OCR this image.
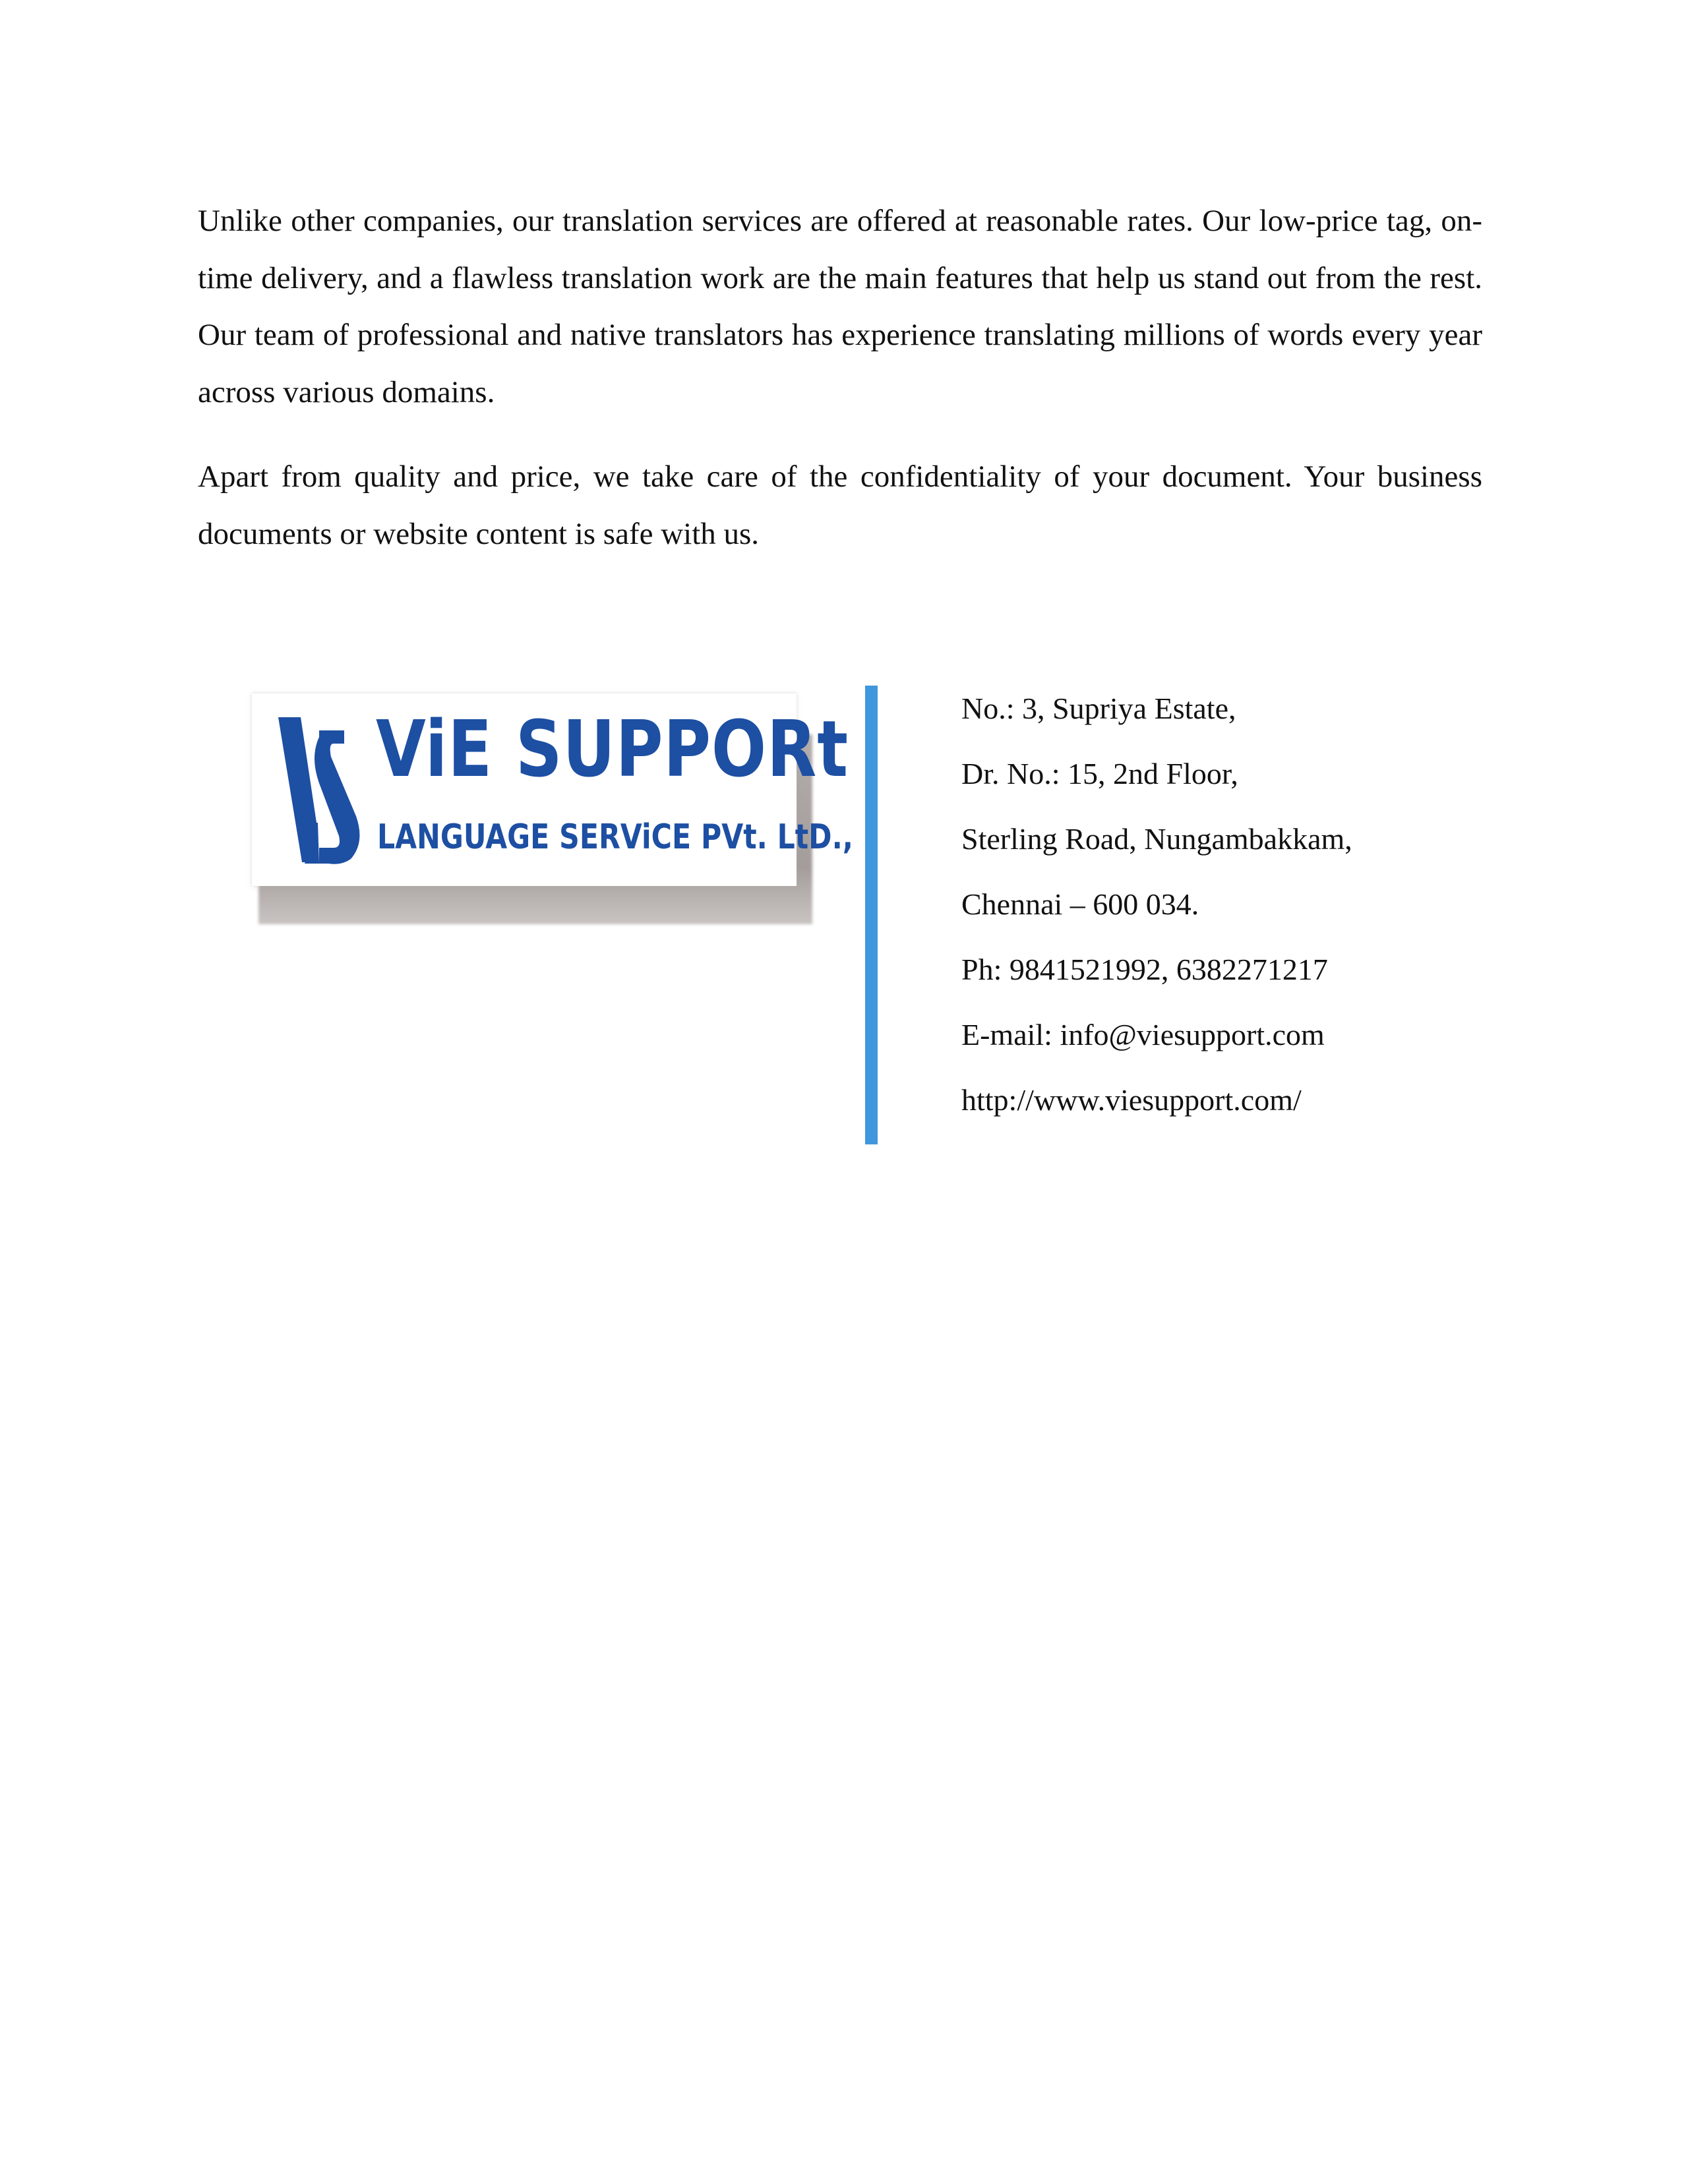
Unlike other companies, our translation services are offered at reasonable rates. Our low-price tag, on-time delivery, and a flawless translation work are the main features that help us stand out from the rest. Our team of professional and native translators has experience translating millions of words every year across various domains.

Apart from quality and price, we take care of the confidentiality of your document. Your business documents or website content is safe with us.

ViE SUPPORt
LANGUAGE SERViCE PVt. LtD.,
No.: 3, Supriya Estate,
Dr. No.: 15, 2nd Floor,
Sterling Road, Nungambakkam,
Chennai – 600 034.
Ph: 9841521992, 6382271217
E-mail: info@viesupport.com
http://www.viesupport.com/
